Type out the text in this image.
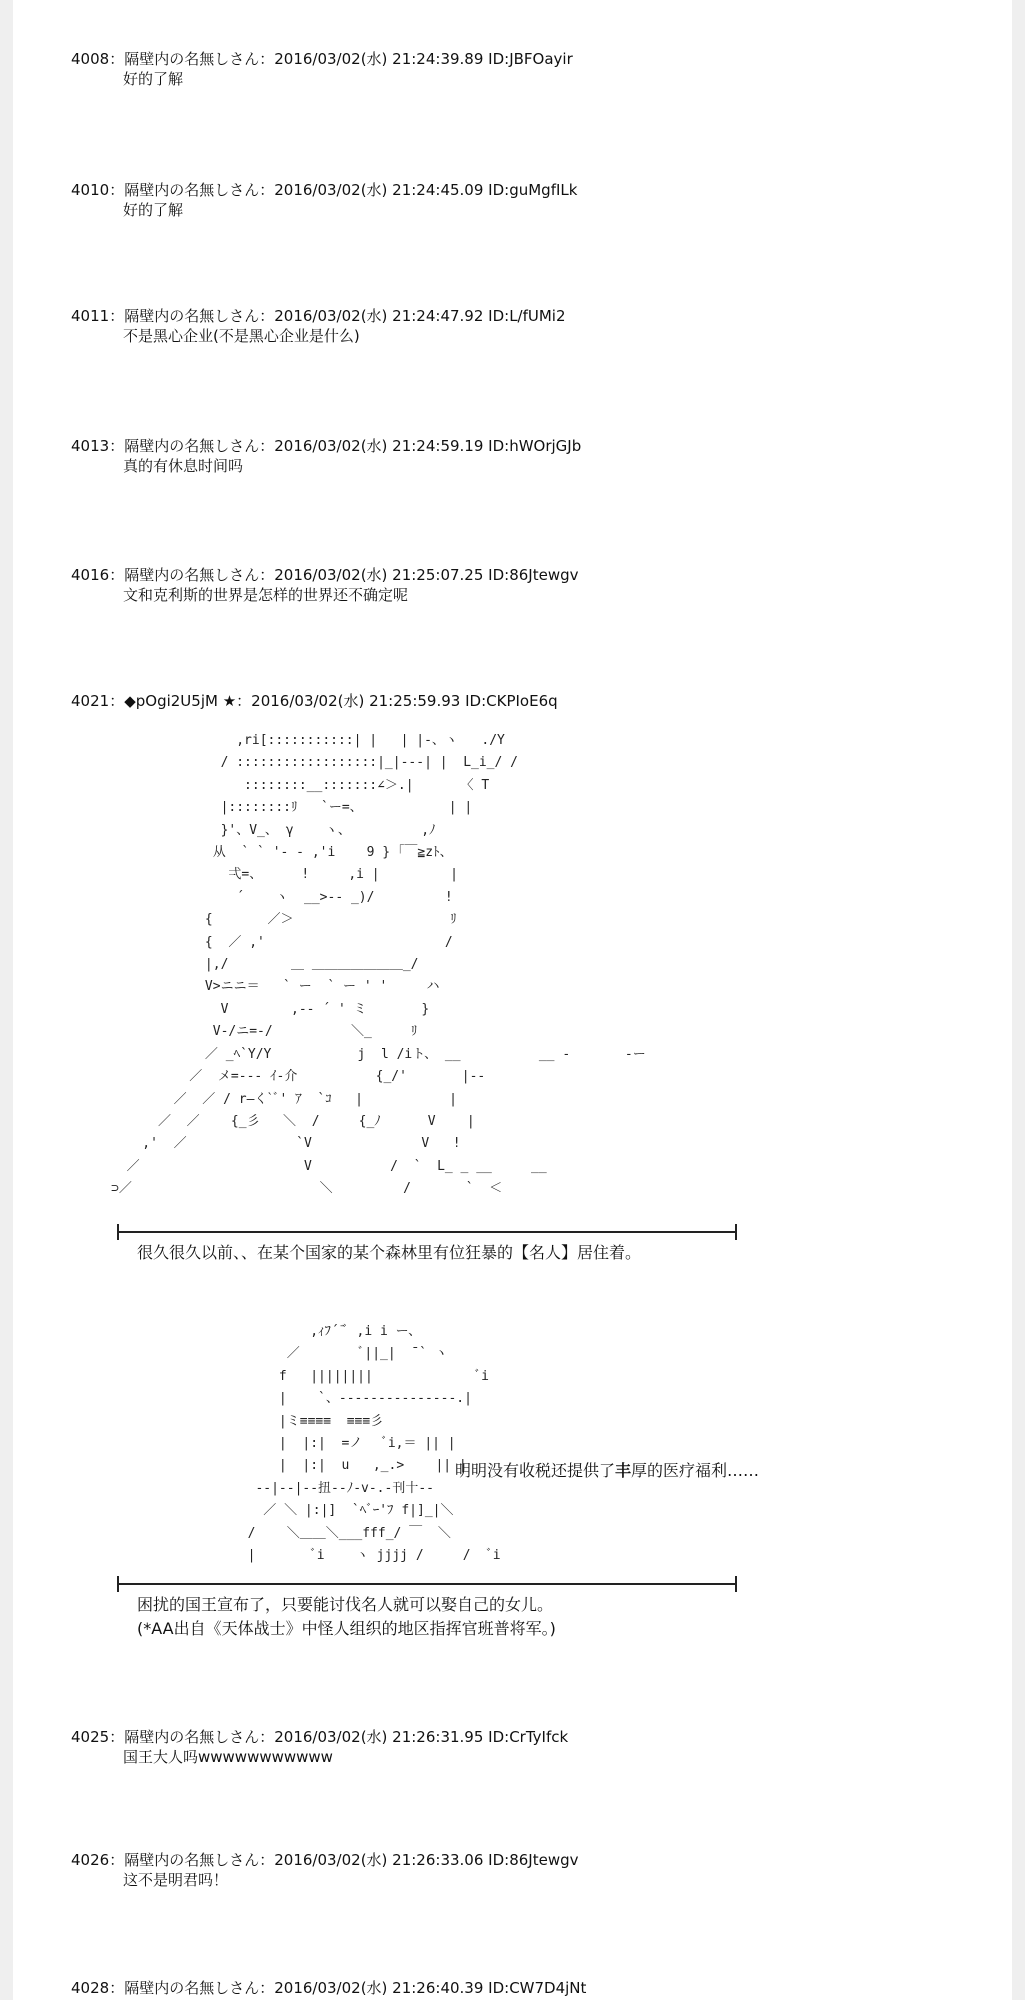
4008：隔壁内の名無しさん：2016/03/02(水) 21:24:39.89 ID:JBFOayir
好的了解
4010：隔壁内の名無しさん：2016/03/02(水) 21:24:45.09 ID:guMgfILk
好的了解
4011：隔壁内の名無しさん：2016/03/02(水) 21:24:47.92 ID:L/fUMi2
不是黑心企业(不是黑心企业是什么)
4013：隔壁内の名無しさん：2016/03/02(水) 21:24:59.19 ID:hWOrjGJb
真的有休息时间吗
4016：隔壁内の名無しさん：2016/03/02(水) 21:25:07.25 ID:86Jtewgv
文和克利斯的世界是怎样的世界还不确定呢
4021：◆pOgi2U5jM ★：2016/03/02(水) 21:25:59.93 ID:CKPIoE6q
,ri[:::::::::::| |   | |-、ヽ   ./Y
/ ::::::::::::::::::|_|---| |  L_i_/ /
::::::::__:::::::∠＞.|      〈 T
|::::::::ﾘ   `ー=、           | |
}'、V_、 γ    ヽ、         ,ﾉ
从  ` ` '- - ,'i    9 } ｢￣≧zﾄ、
弌=、     !     ,i |         |
´    ヽ  __>-- _)/         !
{       ／＞                    ﾘ
{  ／ ,'                       /
|,/        ＿ ＿＿＿＿＿＿＿_/
V>ニニ＝   ` ー  ` ー ' '     ハ
V        ,-- ´ ' ミ       }
V-/ニ=-/          ＼_     ﾘ
／ _ﾍ`Y/Y           j  l /iト、 __          __ -       -ー
／  メ=--- ｲ-介          {_/'       |--
／  ／ / r―く`ﾞ' ｱ  `ｺ   |           |
／  ／    {_彡   ＼  /     {_ﾉ      V    |
,'  ／              `V              V   !
／                     V          /  `  L_ _ __     __
⊃／                        ＼         /       `  ＜
很久很久以前、、在某个国家的某个森林里有位狂暴的【名人】居住着。
,ｨﾌ´ ̄ﾞ ,i i ー、
／        ﾞ||_|  ̄ ` ヽ
f   ||||||||             ﾞi
|    `、---------------.|
|ミ≡≡≡≡  ≡≡≡彡
|  |:|  =ノ   ﾞi,＝ || |
|  |:|  u   ,_.>    || |
--|--|--扭--ﾉ-v-.-刊十--
／ ＼ |:|]  `ﾍﾞｰ'ﾌ f|]_|＼
/    ＼＿＿＼___fff_/ ￣  ＼
|       ﾞi    ヽ jjjj /     /  ﾞi
明明没有收税还提供了丰厚的医疗福利……
困扰的国王宣布了，只要能讨伐名人就可以娶自己的女儿。
(*AA出自《天体战士》中怪人组织的地区指挥官班普将军。)
4025：隔壁内の名無しさん：2016/03/02(水) 21:26:31.95 ID:CrTyIfck
国王大人吗wwwwwwwwwww
4026：隔壁内の名無しさん：2016/03/02(水) 21:26:33.06 ID:86Jtewgv
这不是明君吗！
4028：隔壁内の名無しさん：2016/03/02(水) 21:26:40.39 ID:CW7D4jNt
